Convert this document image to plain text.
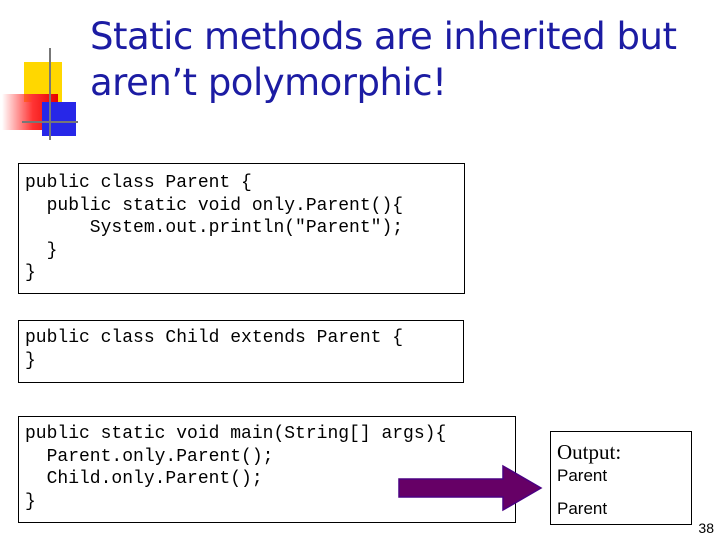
Static methods are inherited but
aren’t polymorphic!
public class Parent {
public static void only.Parent(){
System.out.println("Parent");
}
}
public class Child extends Parent {
}
public static void main(String[] args){
Parent.only.Parent();
Child.only.Parent();
}
Output:
Parent
Parent
38
